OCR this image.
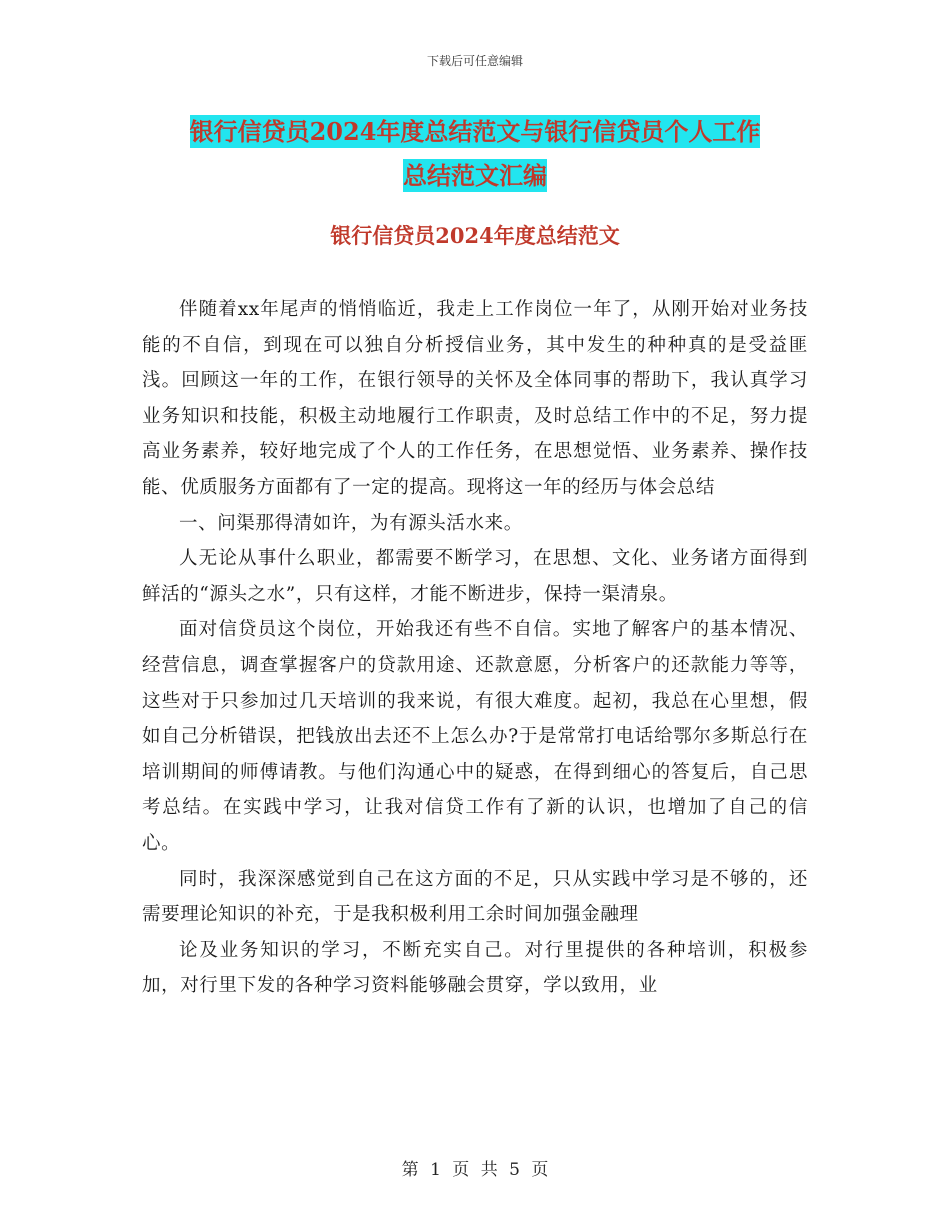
下载后可任意编辑
银行信贷员2024年度总结范文与银行信贷员个人工作
总结范文汇编
银行信贷员2024年度总结范文

伴随着xx年尾声的悄悄临近，我走上工作岗位一年了，从刚开始对业务技能的不自信，到现在可以独自分析授信业务，其中发生的种种真的是受益匪浅。回顾这一年的工作，在银行领导的关怀及全体同事的帮助下，我认真学习业务知识和技能，积极主动地履行工作职责，及时总结工作中的不足，努力提高业务素养，较好地完成了个人的工作任务，在思想觉悟、业务素养、操作技能、优质服务方面都有了一定的提高。现将这一年的经历与体会总结

一、问渠那得清如许，为有源头活水来。

人无论从事什么职业，都需要不断学习，在思想、文化、业务诸方面得到鲜活的“源头之水”，只有这样，才能不断进步，保持一渠清泉。

面对信贷员这个岗位，开始我还有些不自信。实地了解客户的基本情况、经营信息，调查掌握客户的贷款用途、还款意愿，分析客户的还款能力等等，这些对于只参加过几天培训的我来说，有很大难度。起初，我总在心里想，假如自己分析错误，把钱放出去还不上怎么办?于是常常打电话给鄂尔多斯总行在培训期间的师傅请教。与他们沟通心中的疑惑，在得到细心的答复后，自己思考总结。在实践中学习，让我对信贷工作有了新的认识，也增加了自己的信心。

同时，我深深感觉到自己在这方面的不足，只从实践中学习是不够的，还需要理论知识的补充，于是我积极利用工余时间加强金融理

论及业务知识的学习，不断充实自己。对行里提供的各种培训，积极参加，对行里下发的各种学习资料能够融会贯穿，学以致用，业

第 1 页 共 5 页
